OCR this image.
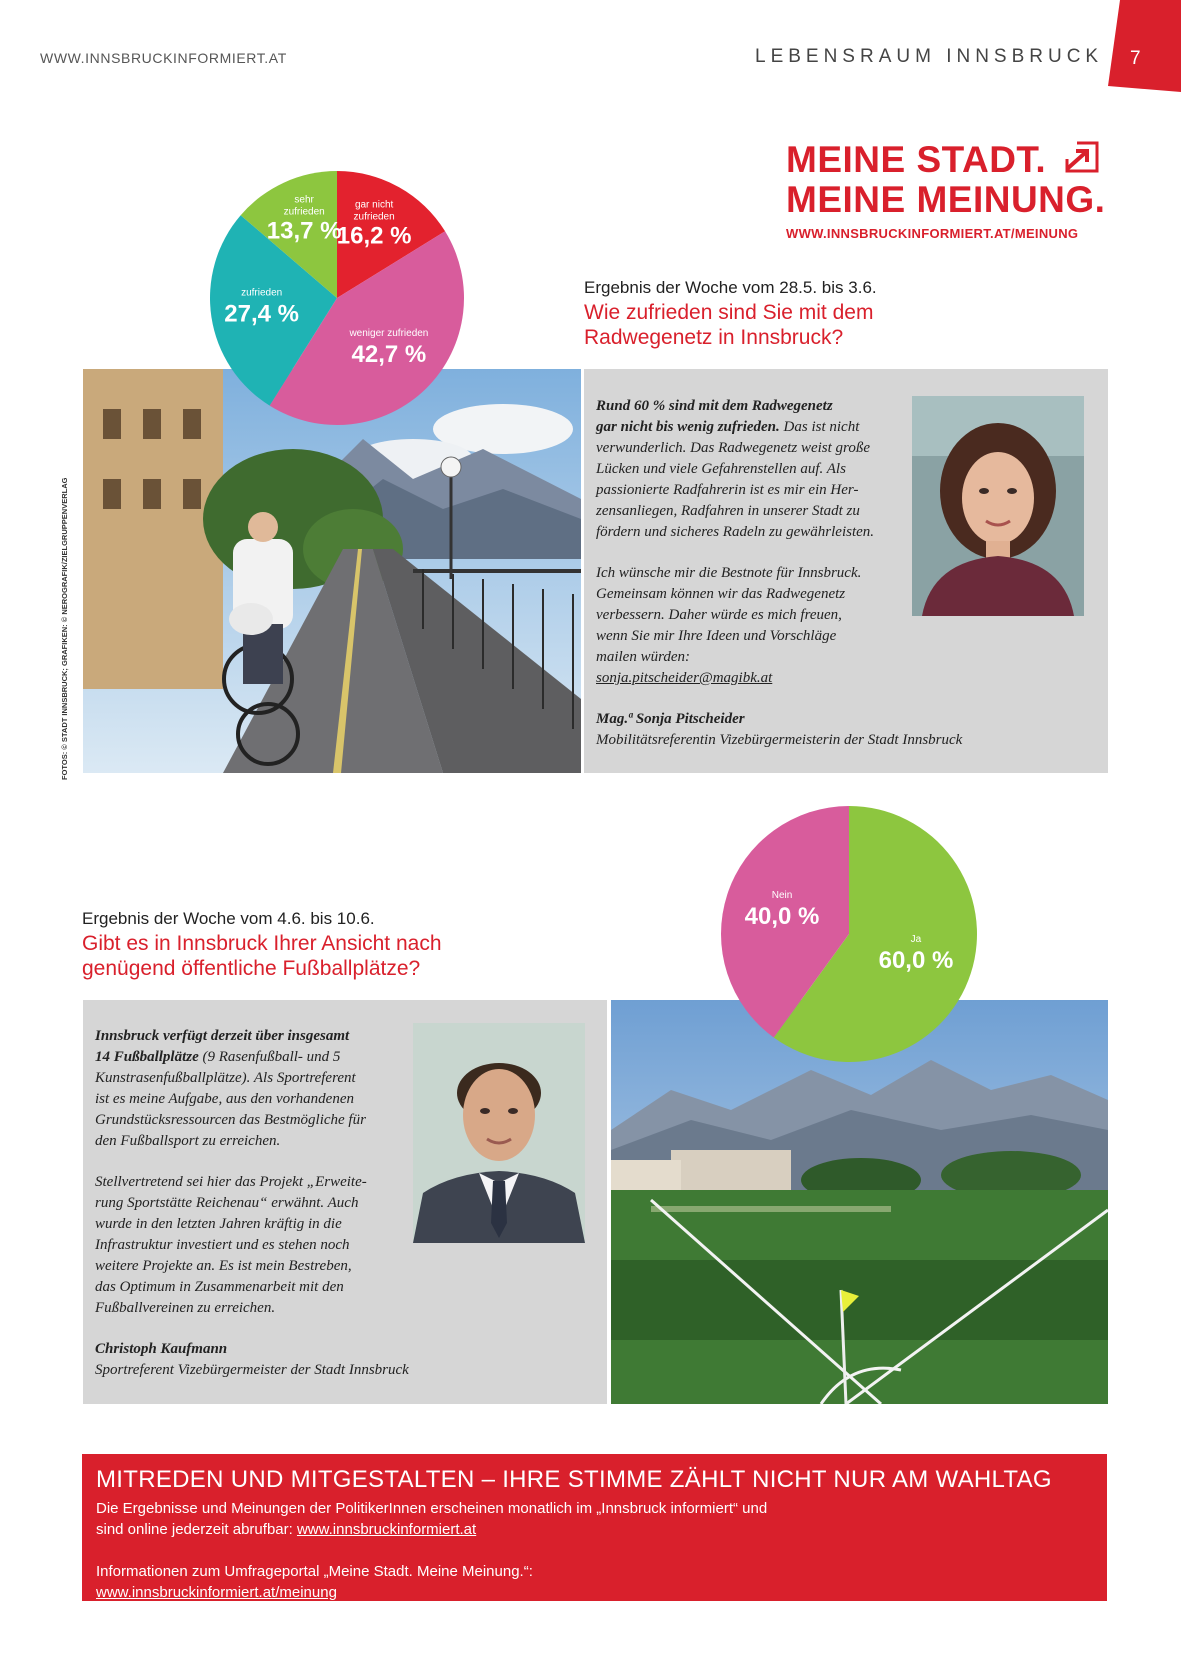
WWW.INNSBRUCKINFORMIERT.AT	LEBENSRAUM INNSBRUCK 7
MEINE STADT.
MEINE MEINUNG.
WWW.INNSBRUCKINFORMIERT.AT/MEINUNG
FOTOS: © STADT INNSBRUCK; GRAFIKEN: © NEROGRAFIK/ZIELGRUPPENVERLAG
Ergebnis der Woche vom 28.5. bis 3.6.
Wie zufrieden sind Sie mit dem
Radwegenetz in Innsbruck?
gar nicht
zufrieden
16,2 %
weniger zufrieden
42,7 %
zufrieden
27,4 %
sehr
zufrieden
13,7 %
Rund 60 % sind mit dem Radwegenetz
gar nicht bis wenig zufrieden. Das ist nicht
verwunderlich. Das Radwegenetz weist große
Lücken und viele Gefahrenstellen auf. Als
passionierte Radfahrerin ist es mir ein Her-
zensanliegen, Radfahren in unserer Stadt zu
fördern und sicheres Radeln zu gewährleisten.
Ich wünsche mir die Bestnote für Innsbruck.
Gemeinsam können wir das Radwegenetz
verbessern. Daher würde es mich freuen,
wenn Sie mir Ihre Ideen und Vorschläge
mailen würden:
sonja.pitscheider@magibk.at
Mag.ª Sonja Pitscheider
Mobilitätsreferentin Vizebürgermeisterin der Stadt Innsbruck
Ergebnis der Woche vom 4.6. bis 10.6.
Gibt es in Innsbruck Ihrer Ansicht nach
genügend öffentliche Fußballplätze?
Innsbruck verfügt derzeit über insgesamt
14 Fußballplätze (9 Rasenfußball- und 5
Kunstrasenfußballplätze). Als Sportreferent
ist es meine Aufgabe, aus den vorhandenen
Grundstücksressourcen das Bestmögliche für
den Fußballsport zu erreichen.
Stellvertretend sei hier das Projekt „Erweite-
rung Sportstätte Reichenau“ erwähnt. Auch
wurde in den letzten Jahren kräftig in die
Infrastruktur investiert und es stehen noch
weitere Projekte an. Es ist mein Bestreben,
das Optimum in Zusammenarbeit mit den
Fußballvereinen zu erreichen.
Christoph Kaufmann
Sportreferent Vizebürgermeister der Stadt Innsbruck
Ja
60,0 %
Nein
40,0 %
MITREDEN UND MITGESTALTEN – IHRE STIMME ZÄHLT NICHT NUR AM WAHLTAG
Die Ergebnisse und Meinungen der PolitikerInnen erscheinen monatlich im „Innsbruck informiert“ und
sind online jederzeit abrufbar: www.innsbruckinformiert.at
Informationen zum Umfrageportal „Meine Stadt. Meine Meinung.“:
www.innsbruckinformiert.at/meinung
